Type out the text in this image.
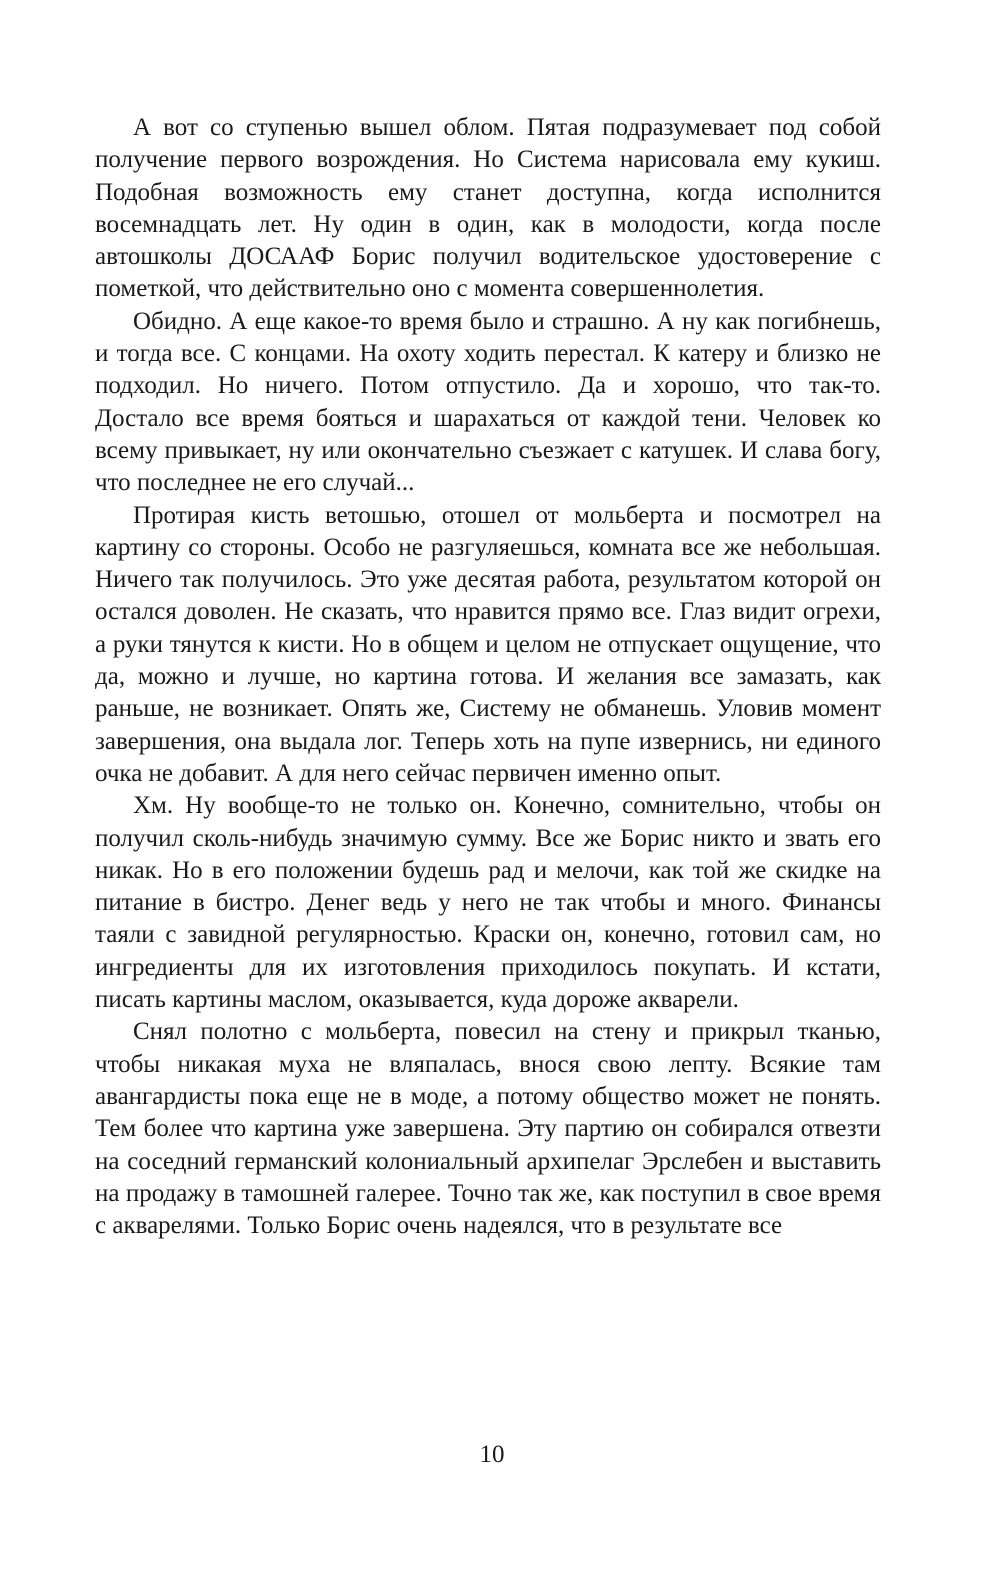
А вот со ступенью вышел облом. Пятая подразумевает под собой получение первого возрождения. Но Система нарисовала ему кукиш. Подобная возможность ему станет доступна, когда исполнится восемнадцать лет. Ну один в один, как в молодости, когда после автошколы ДОСААФ Борис получил водительское удостоверение с пометкой, что действительно оно с момента совершеннолетия.

Обидно. А еще какое-то время было и страшно. А ну как погибнешь, и тогда все. С концами. На охоту ходить перестал. К катеру и близко не подходил. Но ничего. Потом отпустило. Да и хорошо, что так-то. Достало все время бояться и шарахаться от каждой тени. Человек ко всему привыкает, ну или окончательно съезжает с катушек. И слава богу, что последнее не его случай...

Протирая кисть ветошью, отошел от мольберта и посмотрел на картину со стороны. Особо не разгуляешься, комната все же небольшая. Ничего так получилось. Это уже десятая работа, результатом которой он остался доволен. Не сказать, что нравится прямо все. Глаз видит огрехи, а руки тянутся к кисти. Но в общем и целом не отпускает ощущение, что да, можно и лучше, но картина готова. И желания все замазать, как раньше, не возникает. Опять же, Систему не обманешь. Уловив момент завершения, она выдала лог. Теперь хоть на пупе извернись, ни единого очка не добавит. А для него сейчас первичен именно опыт.

Хм. Ну вообще-то не только он. Конечно, сомнительно, чтобы он получил сколь-нибудь значимую сумму. Все же Борис никто и звать его никак. Но в его положении будешь рад и мелочи, как той же скидке на питание в бистро. Денег ведь у него не так чтобы и много. Финансы таяли с завидной регулярностью. Краски он, конечно, готовил сам, но ингредиенты для их изготовления приходилось покупать. И кстати, писать картины маслом, оказывается, куда дороже акварели.

Снял полотно с мольберта, повесил на стену и прикрыл тканью, чтобы никакая муха не вляпалась, внося свою лепту. Всякие там авангардисты пока еще не в моде, а потому общество может не понять. Тем более что картина уже завершена. Эту партию он собирался отвезти на соседний германский колониальный архипелаг Эрслебен и выставить на продажу в тамошней галерее. Точно так же, как поступил в свое время с акварелями. Только Борис очень надеялся, что в результате все

10
